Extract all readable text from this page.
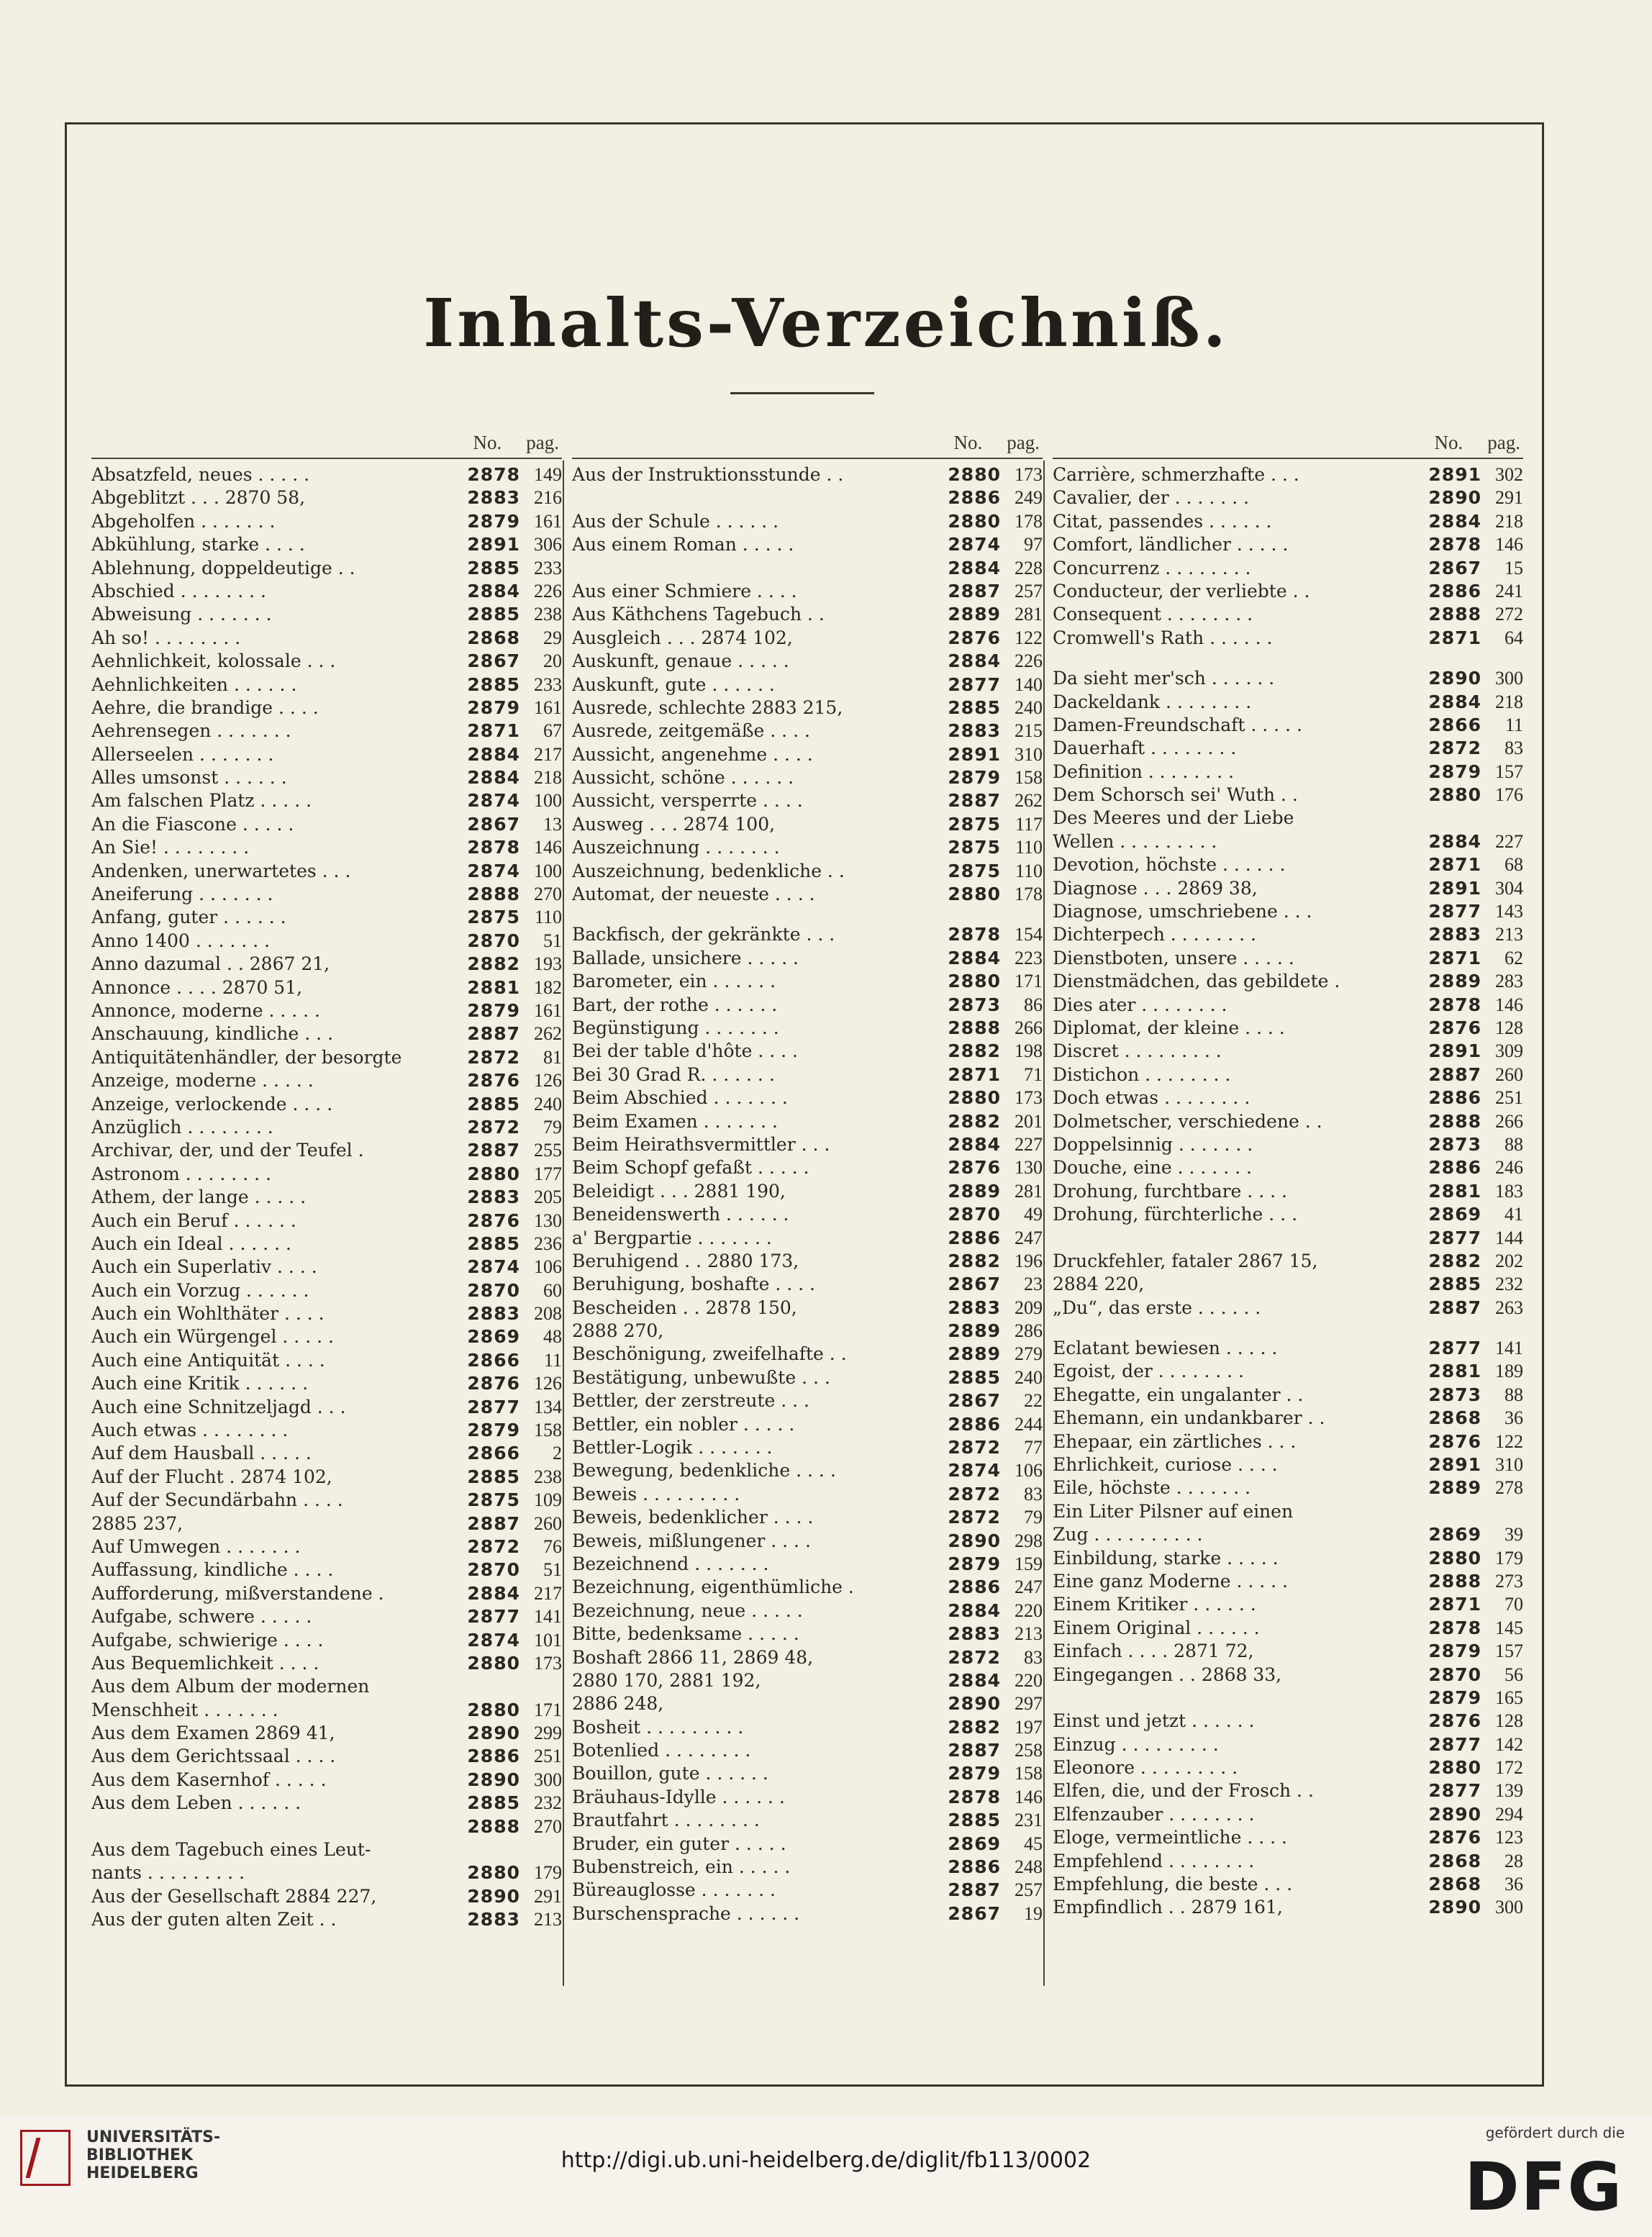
Inhalts-Verzeichniß.
No. pag.
Absatzfeld, neues . . . . .	2878 149
Abgeblitzt . . . 2870 58,	2883 216
Abgeholfen . . . . . . .	2879 161
Abkühlung, starke . . . .	2891 306
Ablehnung, doppeldeutige . .	2885 233
Abschied . . . . . . . .	2884 226
Abweisung . . . . . . .	2885 238
Ah so! . . . . . . . .	2868	29
Aehnlichkeit, kolossale . . .	2867	20
Aehnlichkeiten . . . . . .	2885 233
Aehre, die brandige . . . .	2879 161
Aehrensegen . . . . . . .	2871	67
Allerseelen . . . . . . .	2884 217
Alles umsonst . . . . . .	2884 218
Am falschen Platz . . . . .	2874 100
An die Fiascone . . . . .	2867	13
An Sie! . . . . . . . .	2878 146
Andenken, unerwartetes . . .	2874 100
Aneiferung . . . . . . .	2888 270
Anfang, guter . . . . . .	2875 110
Anno 1400 . . . . . . .	2870	51
Anno dazumal . . 2867 21,	2882 193
Annonce . . . . 2870 51,	2881 182
Annonce, moderne . . . . .	2879 161
Anschauung, kindliche . . .	2887 262
Antiquitätenhändler, der besorgte	2872	81
Anzeige, moderne . . . . .	2876 126
Anzeige, verlockende . . . .	2885 240
Anzüglich . . . . . . . .	2872	79
Archivar, der, und der Teufel .	2887 255
Astronom . . . . . . . .	2880 177
Athem, der lange . . . . .	2883 205
Auch ein Beruf . . . . . .	2876 130
Auch ein Ideal . . . . . .	2885 236
Auch ein Superlativ . . . .	2874 106
Auch ein Vorzug . . . . . .	2870	60
Auch ein Wohlthäter . . . .	2883 208
Auch ein Würgengel . . . . .	2869	48
Auch eine Antiquität . . . .	2866	11
Auch eine Kritik . . . . . .	2876 126
Auch eine Schnitzeljagd . . .	2877 134
Auch etwas . . . . . . . .	2879 158
Auf dem Hausball . . . . .	2866	2
Auf der Flucht . 2874 102,	2885 238
Auf der Secundärbahn . . . .	2875 109
2885 237,	2887 260
Auf Umwegen . . . . . . .	2872	76
Auffassung, kindliche . . . .	2870	51
Aufforderung, mißverstandene .	2884 217
Aufgabe, schwere . . . . .	2877 141
Aufgabe, schwierige . . . .	2874 101
Aus Bequemlichkeit . . . .	2880 173
Aus dem Album der modernen
Menschheit . . . . . . .	2880 171
Aus dem Examen 2869 41,	2890 299
Aus dem Gerichtssaal . . . .	2886 251
Aus dem Kasernhof . . . . .	2890 300
Aus dem Leben . . . . . .	2885 232
2888 270
Aus dem Tagebuch eines Leut-
nants . . . . . . . . .	2880 179
Aus der Gesellschaft 2884 227,	2890 291
Aus der guten alten Zeit . .	2883 213
No. pag.
Aus der Instruktionsstunde . .	2880 173
2886 249
Aus der Schule . . . . . .	2880 178
Aus einem Roman . . . . .	2874	97
2884 228
Aus einer Schmiere . . . .	2887 257
Aus Käthchens Tagebuch . .	2889 281
Ausgleich . . . 2874 102,	2876 122
Auskunft, genaue . . . . .	2884 226
Auskunft, gute . . . . . .	2877 140
Ausrede, schlechte 2883 215,	2885 240
Ausrede, zeitgemäße . . . .	2883 215
Aussicht, angenehme . . . .	2891 310
Aussicht, schöne . . . . . .	2879 158
Aussicht, versperrte . . . .	2887 262
Ausweg . . . 2874 100,	2875 117
Auszeichnung . . . . . . .	2875 110
Auszeichnung, bedenkliche . .	2875 110
Automat, der neueste . . . .	2880 178
Backfisch, der gekränkte . . .	2878 154
Ballade, unsichere . . . . .	2884 223
Barometer, ein . . . . . .	2880 171
Bart, der rothe . . . . . .	2873	86
Begünstigung . . . . . . .	2888 266
Bei der table d'hôte . . . .	2882 198
Bei 30 Grad R. . . . . . .	2871	71
Beim Abschied . . . . . . .	2880 173
Beim Examen . . . . . . .	2882 201
Beim Heirathsvermittler . . .	2884 227
Beim Schopf gefaßt . . . . .	2876 130
Beleidigt . . . 2881 190,	2889 281
Beneidenswerth . . . . . .	2870	49
a' Bergpartie . . . . . . .	2886 247
Beruhigend . . 2880 173,	2882 196
Beruhigung, boshafte . . . .	2867	23
Bescheiden . . 2878 150,	2883 209
2888 270,	2889 286
Beschönigung, zweifelhafte . .	2889 279
Bestätigung, unbewußte . . .	2885 240
Bettler, der zerstreute . . .	2867	22
Bettler, ein nobler . . . . .	2886 244
Bettler-Logik . . . . . . .	2872	77
Bewegung, bedenkliche . . . .	2874 106
Beweis . . . . . . . . .	2872	83
Beweis, bedenklicher . . . .	2872	79
Beweis, mißlungener . . . .	2890 298
Bezeichnend . . . . . . .	2879 159
Bezeichnung, eigenthümliche .	2886 247
Bezeichnung, neue . . . . .	2884 220
Bitte, bedenksame . . . . .	2883 213
Boshaft 2866 11, 2869 48,	2872	83
2880 170, 2881 192,	2884 220
2886 248,	2890 297
Bosheit . . . . . . . . .	2882 197
Botenlied . . . . . . . .	2887 258
Bouillon, gute . . . . . .	2879 158
Bräuhaus-Idylle . . . . . .	2878 146
Brautfahrt . . . . . . . .	2885 231
Bruder, ein guter . . . . .	2869	45
Bubenstreich, ein . . . . .	2886 248
Büreauglosse . . . . . . .	2887 257
Burschensprache . . . . . .	2867	19
No. pag.
Carrière, schmerzhafte . . .	2891 302
Cavalier, der . . . . . . .	2890 291
Citat, passendes . . . . . .	2884 218
Comfort, ländlicher . . . . .	2878 146
Concurrenz . . . . . . . .	2867	15
Conducteur, der verliebte . .	2886 241
Consequent . . . . . . . .	2888 272
Cromwell's Rath . . . . . .	2871	64
Da sieht mer'sch . . . . . .	2890 300
Dackeldank . . . . . . . .	2884 218
Damen-Freundschaft . . . . .	2866	11
Dauerhaft . . . . . . . .	2872	83
Definition . . . . . . . .	2879 157
Dem Schorsch sei' Wuth . .	2880 176
Des Meeres und der Liebe
Wellen . . . . . . . . .	2884 227
Devotion, höchste . . . . . .	2871	68
Diagnose . . . 2869 38,	2891 304
Diagnose, umschriebene . . .	2877 143
Dichterpech . . . . . . . .	2883 213
Dienstboten, unsere . . . . .	2871	62
Dienstmädchen, das gebildete .	2889 283
Dies ater . . . . . . . .	2878 146
Diplomat, der kleine . . . .	2876 128
Discret . . . . . . . . .	2891 309
Distichon . . . . . . . .	2887 260
Doch etwas . . . . . . . .	2886 251
Dolmetscher, verschiedene . .	2888 266
Doppelsinnig . . . . . . .	2873	88
Douche, eine . . . . . . .	2886 246
Drohung, furchtbare . . . .	2881 183
Drohung, fürchterliche . . .	2869	41
2877 144
Druckfehler, fataler 2867 15,	2882 202
2884 220,	2885 232
„Du“, das erste . . . . . .	2887 263
Eclatant bewiesen . . . . .	2877 141
Egoist, der . . . . . . . .	2881 189
Ehegatte, ein ungalanter . .	2873	88
Ehemann, ein undankbarer . .	2868	36
Ehepaar, ein zärtliches . . .	2876 122
Ehrlichkeit, curiose . . . .	2891 310
Eile, höchste . . . . . . .	2889 278
Ein Liter Pilsner auf einen
Zug . . . . . . . . . .	2869	39
Einbildung, starke . . . . .	2880 179
Eine ganz Moderne . . . . .	2888 273
Einem Kritiker . . . . . .	2871	70
Einem Original . . . . . .	2878 145
Einfach . . . . 2871 72,	2879 157
Eingegangen . . 2868 33,	2870	56
2879 165
Einst und jetzt . . . . . .	2876 128
Einzug . . . . . . . . .	2877 142
Eleonore . . . . . . . . .	2880 172
Elfen, die, und der Frosch . .	2877 139
Elfenzauber . . . . . . . .	2890 294
Eloge, vermeintliche . . . .	2876 123
Empfehlend . . . . . . . .	2868	28
Empfehlung, die beste . . .	2868	36
Empfindlich . . 2879 161,	2890 300
UNIVERSITÄTS-
BIBLIOTHEK
HEIDELBERG
http://digi.ub.uni-heidelberg.de/diglit/fb113/0002
gefördert durch die
DFG
